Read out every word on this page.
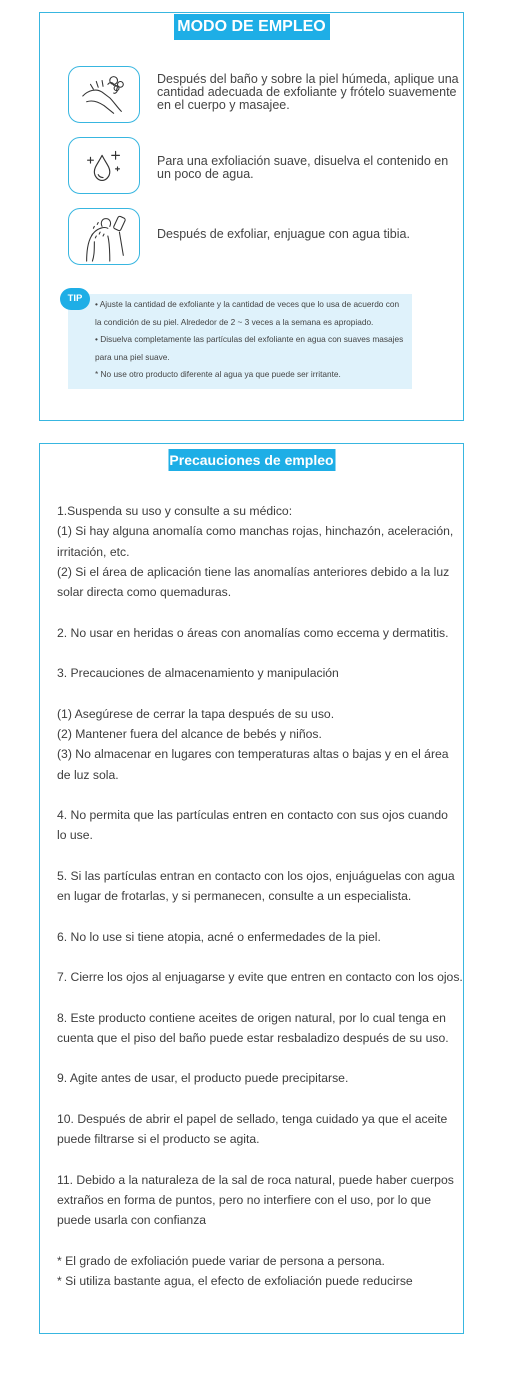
MODO DE EMPLEO
Después del baño y sobre la piel húmeda, aplique una
cantidad adecuada de exfoliante y frótelo suavemente
en el cuerpo y masajee.
Para una exfoliación suave, disuelva el contenido en
un poco de agua.
Después de exfoliar, enjuague con agua tibia.
• Ajuste la cantidad de exfoliante y la cantidad de veces que lo usa de acuerdo con
la condición de su piel. Alrededor de 2 ~ 3 veces a la semana es apropiado.
• Disuelva completamente las partículas del exfoliante en agua con suaves masajes
para una piel suave.
* No use otro producto diferente al agua ya que puede ser irritante.
TIP
Precauciones de empleo
1.Suspenda su uso y consulte a su médico:
(1) Si hay alguna anomalía como manchas rojas, hinchazón, aceleración,
irritación, etc.
(2) Si el área de aplicación tiene las anomalías anteriores debido a la luz
solar directa como quemaduras.
2. No usar en heridas o áreas con anomalías como eccema y dermatitis.
3. Precauciones de almacenamiento y manipulación
(1) Asegúrese de cerrar la tapa después de su uso.
(2) Mantener fuera del alcance de bebés y niños.
(3) No almacenar en lugares con temperaturas altas o bajas y en el área
de luz sola.
4. No permita que las partículas entren en contacto con sus ojos cuando
lo use.
5. Si las partículas entran en contacto con los ojos, enjuáguelas con agua
en lugar de frotarlas, y si permanecen, consulte a un especialista.
6. No lo use si tiene atopia, acné o enfermedades de la piel.
7. Cierre los ojos al enjuagarse y evite que entren en contacto con los ojos.
8. Este producto contiene aceites de origen natural, por lo cual tenga en
cuenta que el piso del baño puede estar resbaladizo después de su uso.
9. Agite antes de usar, el producto puede precipitarse.
10. Después de abrir el papel de sellado, tenga cuidado ya que el aceite
puede filtrarse si el producto se agita.
11. Debido a la naturaleza de la sal de roca natural, puede haber cuerpos
extraños en forma de puntos, pero no interfiere con el uso, por lo que
puede usarla con confianza
* El grado de exfoliación puede variar de persona a persona.
* Si utiliza bastante agua, el efecto de exfoliación puede reducirse
